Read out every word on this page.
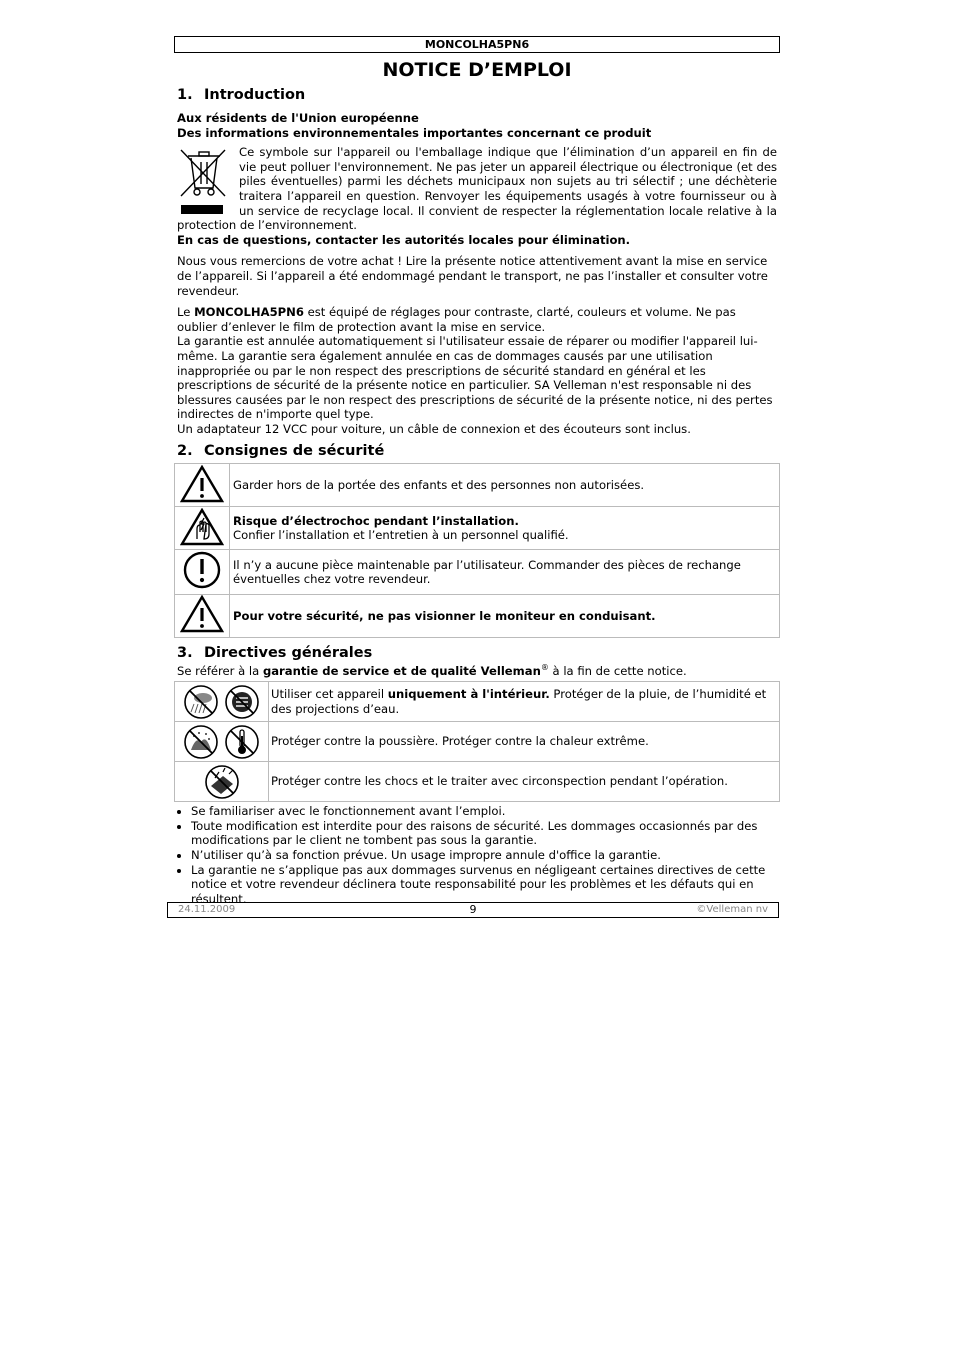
MONCOLHA5PN6
NOTICE D’EMPLOI
1. Introduction

Aux résidents de l'Union européenne

Des informations environnementales importantes concernant ce produit

Ce symbole sur l'appareil ou l'emballage indique que l’élimination d’un appareil en fin de vie peut polluer l'environnement. Ne pas jeter un appareil électrique ou électronique (et des piles éventuelles) parmi les déchets municipaux non sujets au tri sélectif ; une déchèterie traitera l’appareil en question. Renvoyer les équipements usagés à votre fournisseur ou à un service de recyclage local. Il convient de respecter la réglementation locale relative à la protection de l’environnement.

En cas de questions, contacter les autorités locales pour élimination.

Nous vous remercions de votre achat ! Lire la présente notice attentivement avant la mise en service de l’appareil. Si l’appareil a été endommagé pendant le transport, ne pas l’installer et consulter votre revendeur.

Le MONCOLHA5PN6 est équipé de réglages pour contraste, clarté, couleurs et volume. Ne pas oublier d’enlever le film de protection avant la mise en service.

La garantie est annulée automatiquement si l'utilisateur essaie de réparer ou modifier l'appareil lui-même. La garantie sera également annulée en cas de dommages causés par une utilisation inappropriée ou par le non respect des prescriptions de sécurité standard en général et les prescriptions de sécurité de la présente notice en particulier. SA Velleman n'est responsable ni des blessures causées par le non respect des prescriptions de sécurité de la présente notice, ni des pertes indirectes de n'importe quel type.

Un adaptateur 12 VCC pour voiture, un câble de connexion et des écouteurs sont inclus.

2. Consignes de sécurité
	Garder hors de la portée des enfants et des personnes non autorisées.

Risque d’électrochoc pendant l’installation.
Confier l’installation et l’entretien à un personnel qualifié.

	Il n’y a aucune pièce maintenable par l’utilisateur. Commander des pièces de rechange éventuelles chez votre revendeur.
	Pour votre sécurité, ne pas visionner le moniteur en conduisant.
3. Directives générales

Se référer à la garantie de service et de qualité Velleman® à la fin de cette notice.

	Utiliser cet appareil uniquement à l'intérieur. Protéger de la pluie, de l’humidité et des projections d’eau.
	Protéger contre la poussière. Protéger contre la chaleur extrême.
	Protéger contre les chocs et le traiter avec circonspection pendant l’opération.
• Se familiariser avec le fonctionnement avant l’emploi.
• Toute modification est interdite pour des raisons de sécurité. Les dommages occasionnés par des modifications par le client ne tombent pas sous la garantie.
• N’utiliser qu’à sa fonction prévue. Un usage impropre annule d'office la garantie.
• La garantie ne s’applique pas aux dommages survenus en négligeant certaines directives de cette notice et votre revendeur déclinera toute responsabilité pour les problèmes et les défauts qui en résultent.
24.11.2009	9	©Velleman nv
